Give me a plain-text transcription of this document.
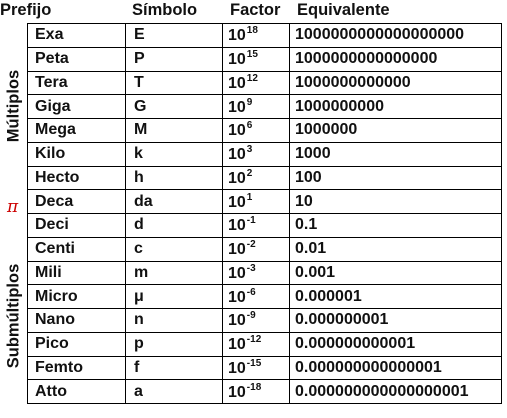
Prefijo	Símbolo Factor Equivalente
Múltiplos
π
Submúltiplos
Exa	E	$10^{18}$	1000000000000000000
Peta	P	$10^{15}$	1000000000000000
Tera	T	$10^{12}$	1000000000000
Giga	G	$10^9$	1000000000
Mega	M	$10^6$	1000000
Kilo	k	$10^3$	1000
Hecto	h	$10^2$	100
Deca	da	$10^1$	10
Deci	d	$10^{-1}$	0.1
Centi	c	$10^{-2}$	0.01
Mili	m	$10^{-3}$	0.001
Micro	μ	$10^{-6}$	0.000001
Nano	n	$10^{-9}$	0.000000001
Pico	p	$10^{-12}$	0.000000000001
Femto	f	$10^{-15}$	0.000000000000001
Atto	a	$10^{-18}$	0.000000000000000001
